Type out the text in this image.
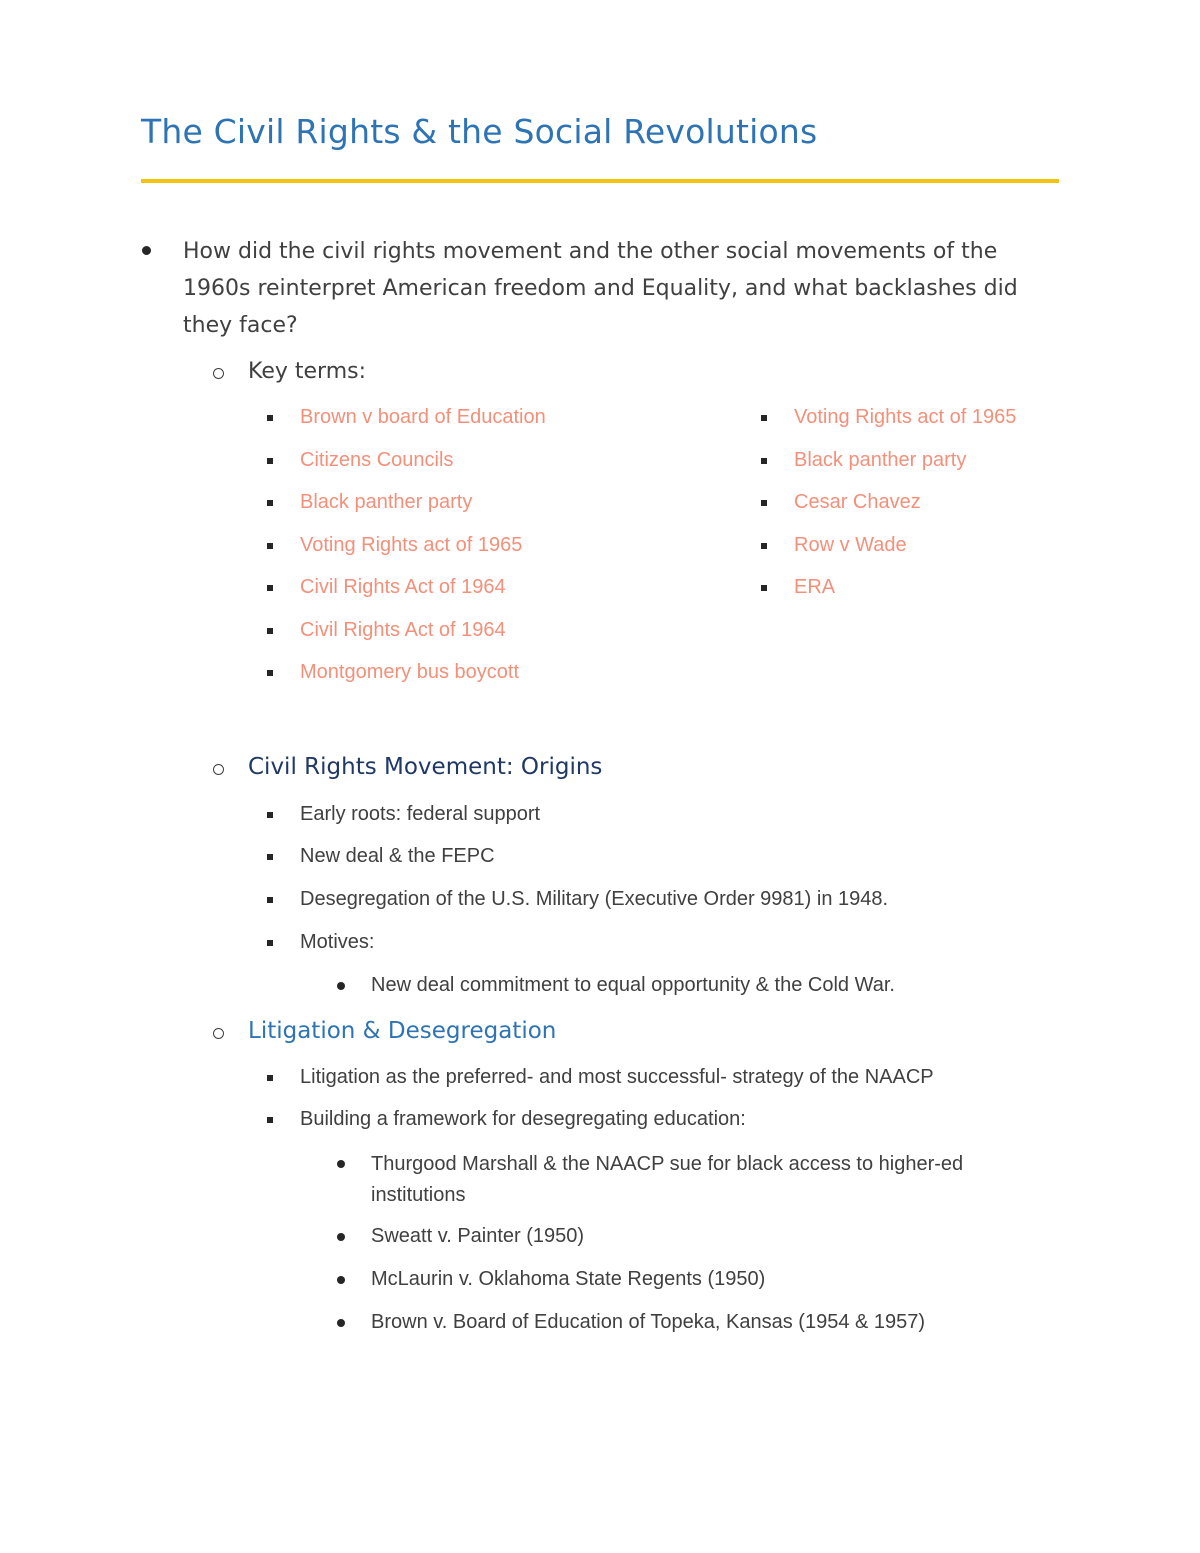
The Civil Rights & the Social Revolutions
How did the civil rights movement and the other social movements of the 1960s reinterpret American freedom and Equality, and what backlashes did they face?
Key terms:
Brown v board of Education
Citizens Councils
Black panther party
Voting Rights act of 1965
Civil Rights Act of 1964
Civil Rights Act of 1964
Montgomery bus boycott
Voting Rights act of 1965
Black panther party
Cesar Chavez
Row v Wade
ERA
Civil Rights Movement: Origins
Early roots: federal support
New deal & the FEPC
Desegregation of the U.S. Military (Executive Order 9981) in 1948.
Motives:
New deal commitment to equal opportunity & the Cold War.
Litigation & Desegregation
Litigation as the preferred- and most successful- strategy of the NAACP
Building a framework for desegregating education:
Thurgood Marshall & the NAACP sue for black access to higher-ed institutions
Sweatt v. Painter (1950)
McLaurin v. Oklahoma State Regents (1950)
Brown v. Board of Education of Topeka, Kansas (1954 & 1957)
